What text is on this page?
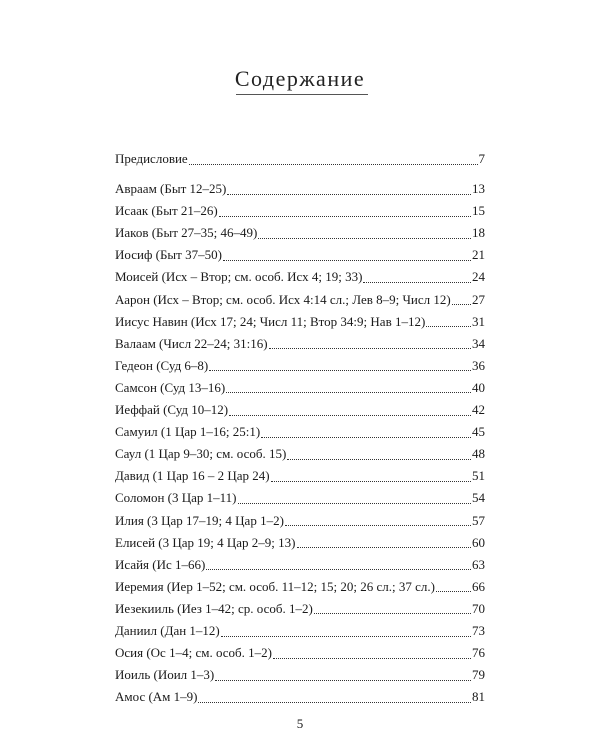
Содержание
Предисловие	7
Авраам (Быт 12–25)	13
Исаак (Быт 21–26)	15
Иаков (Быт 27–35; 46–49)	18
Иосиф (Быт 37–50)	21
Моисей (Исх – Втор; см. особ. Исх 4; 19; 33)	24
Аарон (Исх – Втор; см. особ. Исх 4:14 сл.; Лев 8–9; Числ 12) 27
Иисус Навин (Исх 17; 24; Числ 11; Втор 34:9; Нав 1–12)	31
Валаам (Числ 22–24; 31:16)	34
Гедеон (Суд 6–8)	36
Самсон (Суд 13–16)	40
Иеффай (Суд 10–12)	42
Самуил (1 Цар 1–16; 25:1)	45
Саул (1 Цар 9–30; см. особ. 15)	48
Давид (1 Цар 16 – 2 Цар 24)	51
Соломон (3 Цар 1–11)	54
Илия (3 Цар 17–19; 4 Цар 1–2)	57
Елисей (3 Цар 19; 4 Цар 2–9; 13)	60
Исайя (Ис 1–66)	63
Иеремия (Иер 1–52; см. особ. 11–12; 15; 20; 26 сл.; 37 сл.)	66
Иезекииль (Иез 1–42; ср. особ. 1–2)	70
Даниил (Дан 1–12)	73
Осия (Ос 1–4; см. особ. 1–2)	76
Иоиль (Иоил 1–3)	79
Амос (Ам 1–9)	81
5
